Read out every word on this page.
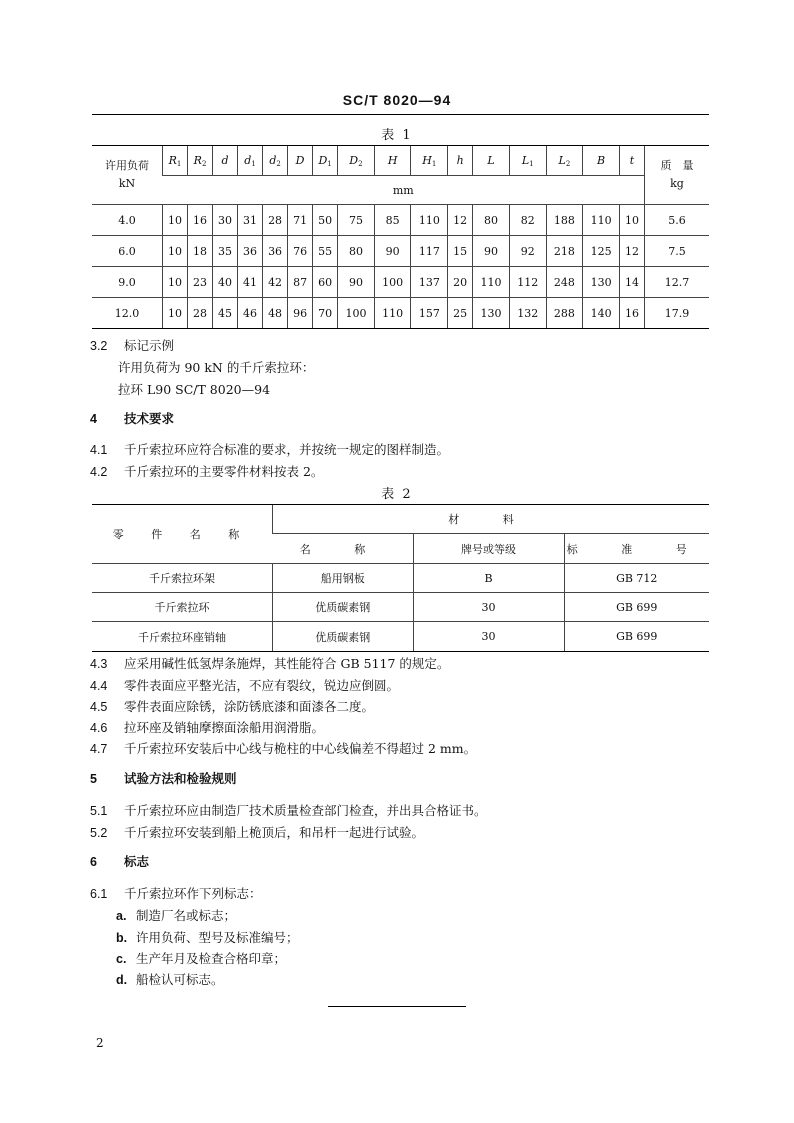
SC/T 8020—94
表 1
许用负荷
kN	$R_1$	$R_2$	d	$d_1$	$d_2$	D	$D_1$	$D_2$	H	$H_1$	h	L	$L_1$	$L_2$	B	t	质　量
kg
	mm																
4.0	10	16	30	31	28	71	50	75	85	110	12	80	82	188	110	10	5.6
6.0	10	18	35	36	36	76	55	80	90	117	15	90	92	218	125	12	7.5
9.0	10	23	40	41	42	87	60	90	100	137	20	110	112	248	130	14	12.7
12.0	10	28	45	46	48	96	70	100	110	157	25	130	132	288	140	16	17.9
3.2 标记示例
许用负荷为 90 kN 的千斤索拉环：
拉环 L90 SC/T 8020—94
4 技术要求
4.1 千斤索拉环应符合标准的要求，并按统一规定的图样制造。
4.2 千斤索拉环的主要零件材料按表 2。
表 2
零 件 名 称	材 料		
	名 称	牌号或等级	标 准 号
千斤索拉环架	船用钢板	B	GB 712
千斤索拉环	优质碳素钢	30	GB 699
千斤索拉环座销轴	优质碳素钢	30	GB 699
4.3 应采用碱性低氢焊条施焊，其性能符合 GB 5117 的规定。
4.4 零件表面应平整光洁，不应有裂纹，锐边应倒圆。
4.5 零件表面应除锈，涂防锈底漆和面漆各二度。
4.6 拉环座及销轴摩擦面涂船用润滑脂。
4.7 千斤索拉环安装后中心线与桅柱的中心线偏差不得超过 2 mm。
5 试验方法和检验规则
5.1 千斤索拉环应由制造厂技术质量检查部门检查，并出具合格证书。
5.2 千斤索拉环安装到船上桅顶后，和吊杆一起进行试验。
6 标志
6.1 千斤索拉环作下列标志：
a. 制造厂名或标志；
b. 许用负荷、型号及标准编号；
c. 生产年月及检查合格印章；
d. 船检认可标志。
2
